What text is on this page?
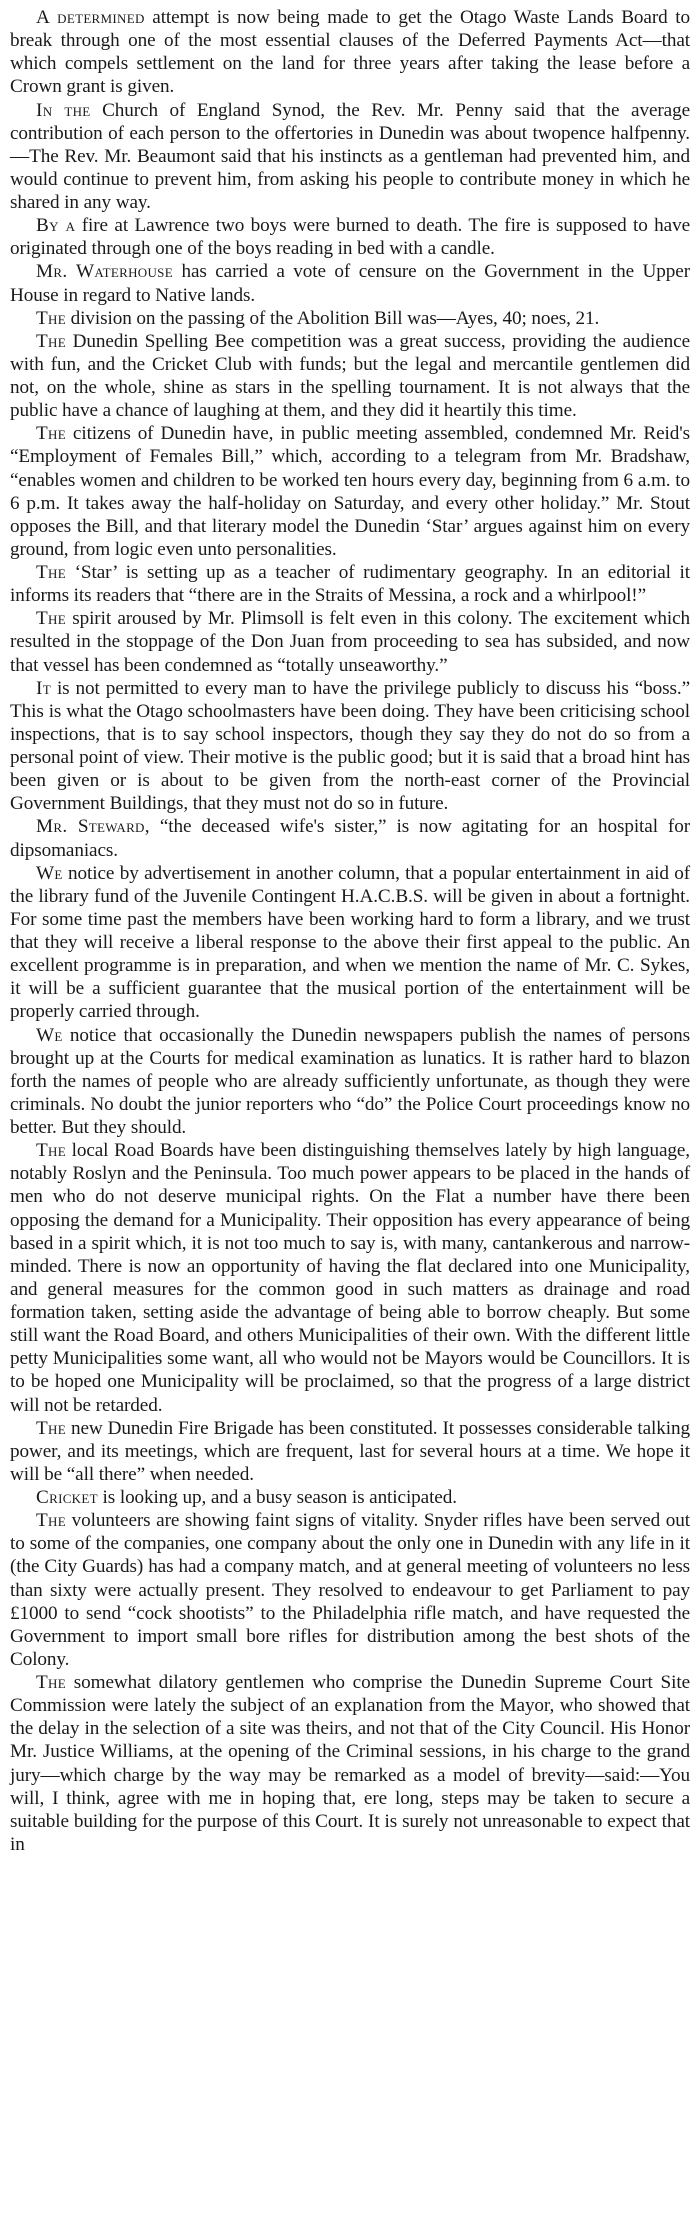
A determined attempt is now being made to get the Otago Waste Lands Board to break through one of the most essential clauses of the Deferred Payments Act—that which compels settlement on the land for three years after taking the lease before a Crown grant is given.

In the Church of England Synod, the Rev. Mr. Penny said that the average contribution of each person to the offertories in Dunedin was about twopence halfpenny.—The Rev. Mr. Beaumont said that his instincts as a gentleman had prevented him, and would continue to prevent him, from asking his people to contribute money in which he shared in any way.

By a fire at Lawrence two boys were burned to death. The fire is supposed to have originated through one of the boys reading in bed with a candle.

Mr. Waterhouse has carried a vote of censure on the Government in the Upper House in regard to Native lands.

The division on the passing of the Abolition Bill was—Ayes, 40; noes, 21.

The Dunedin Spelling Bee competition was a great success, providing the audience with fun, and the Cricket Club with funds; but the legal and mercantile gentlemen did not, on the whole, shine as stars in the spelling tournament. It is not always that the public have a chance of laughing at them, and they did it heartily this time.

The citizens of Dunedin have, in public meeting assembled, condemned Mr. Reid's “Employment of Females Bill,” which, according to a telegram from Mr. Bradshaw, “enables women and children to be worked ten hours every day, beginning from 6 a.m. to 6 p.m. It takes away the half-holiday on Saturday, and every other holiday.” Mr. Stout opposes the Bill, and that literary model the Dunedin ‘Star’ argues against him on every ground, from logic even unto personalities.

The ‘Star’ is setting up as a teacher of rudimentary geography. In an editorial it informs its readers that “there are in the Straits of Messina, a rock and a whirlpool!”

The spirit aroused by Mr. Plimsoll is felt even in this colony. The excitement which resulted in the stoppage of the Don Juan from proceeding to sea has subsided, and now that vessel has been condemned as “totally unseaworthy.”

It is not permitted to every man to have the privilege publicly to discuss his “boss.” This is what the Otago schoolmasters have been doing. They have been criticising school inspections, that is to say school inspectors, though they say they do not do so from a personal point of view. Their motive is the public good; but it is said that a broad hint has been given or is about to be given from the north-east corner of the Provincial Government Buildings, that they must not do so in future.

Mr. Steward, “the deceased wife's sister,” is now agitating for an hospital for dipsomaniacs.

We notice by advertisement in another column, that a popular entertainment in aid of the library fund of the Juvenile Contingent H.A.C.B.S. will be given in about a fortnight. For some time past the members have been working hard to form a library, and we trust that they will receive a liberal response to the above their first appeal to the public. An excellent programme is in preparation, and when we mention the name of Mr. C. Sykes, it will be a sufficient guarantee that the musical portion of the entertainment will be properly carried through.

We notice that occasionally the Dunedin newspapers publish the names of persons brought up at the Courts for medical examination as lunatics. It is rather hard to blazon forth the names of people who are already sufficiently unfortunate, as though they were criminals. No doubt the junior reporters who “do” the Police Court proceedings know no better. But they should.

The local Road Boards have been distinguishing themselves lately by high language, notably Roslyn and the Peninsula. Too much power appears to be placed in the hands of men who do not deserve municipal rights. On the Flat a number have there been opposing the demand for a Municipality. Their opposition has every appearance of being based in a spirit which, it is not too much to say is, with many, cantankerous and narrow-minded. There is now an opportunity of having the flat declared into one Municipality, and general measures for the common good in such matters as drainage and road formation taken, setting aside the advantage of being able to borrow cheaply. But some still want the Road Board, and others Municipalities of their own. With the different little petty Municipalities some want, all who would not be Mayors would be Councillors. It is to be hoped one Municipality will be proclaimed, so that the progress of a large district will not be retarded.

The new Dunedin Fire Brigade has been constituted. It possesses considerable talking power, and its meetings, which are frequent, last for several hours at a time. We hope it will be “all there” when needed.

Cricket is looking up, and a busy season is anticipated.

The volunteers are showing faint signs of vitality. Snyder rifles have been served out to some of the companies, one company about the only one in Dunedin with any life in it (the City Guards) has had a company match, and at general meeting of volunteers no less than sixty were actually present. They resolved to endeavour to get Parliament to pay £1000 to send “cock shootists” to the Philadelphia rifle match, and have requested the Government to import small bore rifles for distribution among the best shots of the Colony.

The somewhat dilatory gentlemen who comprise the Dunedin Supreme Court Site Commission were lately the subject of an explanation from the Mayor, who showed that the delay in the selection of a site was theirs, and not that of the City Council. His Honor Mr. Justice Williams, at the opening of the Criminal sessions, in his charge to the grand jury—which charge by the way may be remarked as a model of brevity—said:—You will, I think, agree with me in hoping that, ere long, steps may be taken to secure a suitable building for the purpose of this Court. It is surely not unreasonable to expect that in
